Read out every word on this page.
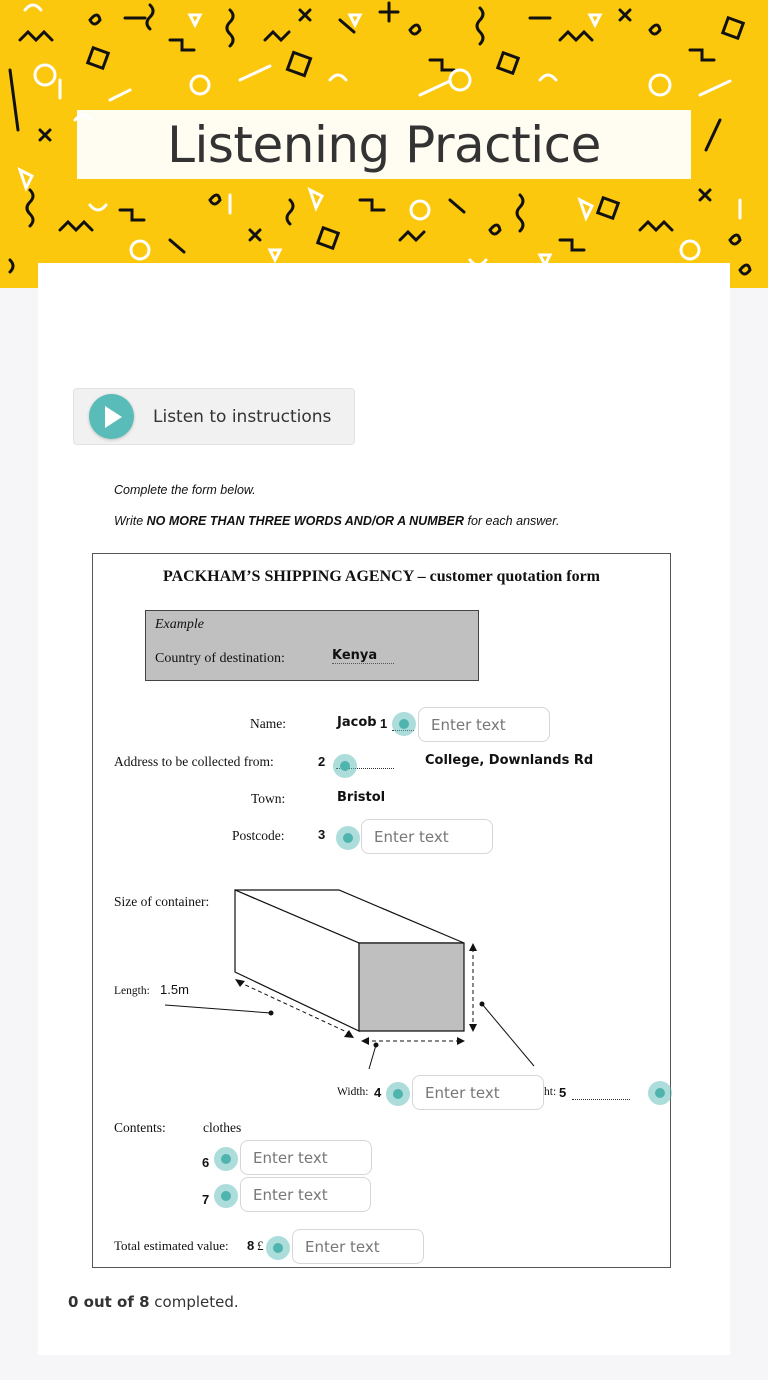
Listening Practice
Listen to instructions
Complete the form below.
Write NO MORE THAN THREE WORDS AND/OR A NUMBER for each answer.
PACKHAM’S SHIPPING AGENCY – customer quotation form
Example
Country of destination:	Kenya
Name:	Jacob 1
Enter text
Address to be collected from:	2	College, Downlands Rd
Town:	Bristol
Postcode:	3
Enter text
Size of container:
Length: 1.5m
Width: 4
Enter text	ht: 5
Contents:	clothes
6
Enter text
7
Enter text
Total estimated value: 8 £
Enter text
0 out of 8 completed.
